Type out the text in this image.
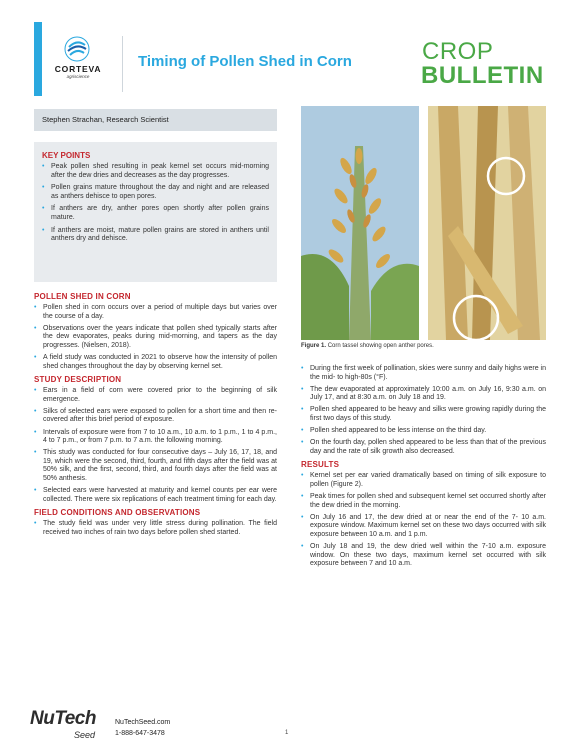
CORTEVA
agriscience
Timing of Pollen Shed in Corn	CROP
BULLETIN
Stephen Strachan, Research Scientist
KEY POINTS
• Peak pollen shed resulting in peak kernel set occurs mid-morning after the dew dries and decreases as the day progresses.
• Pollen grains mature throughout the day and night and are released as anthers dehisce to open pores.
• If anthers are dry, anther pores open shortly after pollen grains mature.
• If anthers are moist, mature pollen grains are stored in anthers until anthers dry and dehisce.
POLLEN SHED IN CORN
• Pollen shed in corn occurs over a period of multiple days but varies over the course of a day.
• Observations over the years indicate that pollen shed typically starts after the dew evaporates, peaks during mid-morning, and tapers as the day progresses. (Nielsen, 2018).
• A field study was conducted in 2021 to observe how the intensity of pollen shed changes throughout the day by observing kernel set.
STUDY DESCRIPTION
• Ears in a field of corn were covered prior to the beginning of silk emergence.
• Silks of selected ears were exposed to pollen for a short time and then re-covered after this brief period of exposure.
• Intervals of exposure were from 7 to 10 a.m., 10 a.m. to 1 p.m., 1 to 4 p.m., 4 to 7 p.m., or from 7 p.m. to 7 a.m. the following morning.
• This study was conducted for four consecutive days – July 16, 17, 18, and 19, which were the second, third, fourth, and fifth days after the field was at 50% silk, and the first, second, third, and fourth days after the field was at 50% anthesis.
• Selected ears were harvested at maturity and kernel counts per ear were collected. There were six replications of each treatment timing for each day.
FIELD CONDITIONS AND OBSERVATIONS
• The study field was under very little stress during pollination. The field received two inches of rain two days before pollen shed started.
Figure 1. Corn tassel showing open anther pores.
• During the first week of pollination, skies were sunny and daily highs were in the mid- to high-80s (°F).
• The dew evaporated at approximately 10:00 a.m. on July 16, 9:30 a.m. on July 17, and at 8:30 a.m. on July 18 and 19.
• Pollen shed appeared to be heavy and silks were growing rapidly during the first two days of this study.
• Pollen shed appeared to be less intense on the third day.
• On the fourth day, pollen shed appeared to be less than that of the previous day and the rate of silk growth also decreased.
RESULTS
• Kernel set per ear varied dramatically based on timing of silk exposure to pollen (Figure 2).
• Peak times for pollen shed and subsequent kernel set occurred shortly after the dew dried in the morning.
• On July 16 and 17, the dew dried at or near the end of the 7- 10 a.m. exposure window. Maximum kernel set on these two days occurred with silk exposure between 10 a.m. and 1 p.m.
• On July 18 and 19, the dew dried well within the 7-10 a.m. exposure window. On these two days, maximum kernel set occurred with silk exposure between 7 and 10 a.m.
NuTech
Seed
NuTechSeed.com
1-888-647-3478	1
